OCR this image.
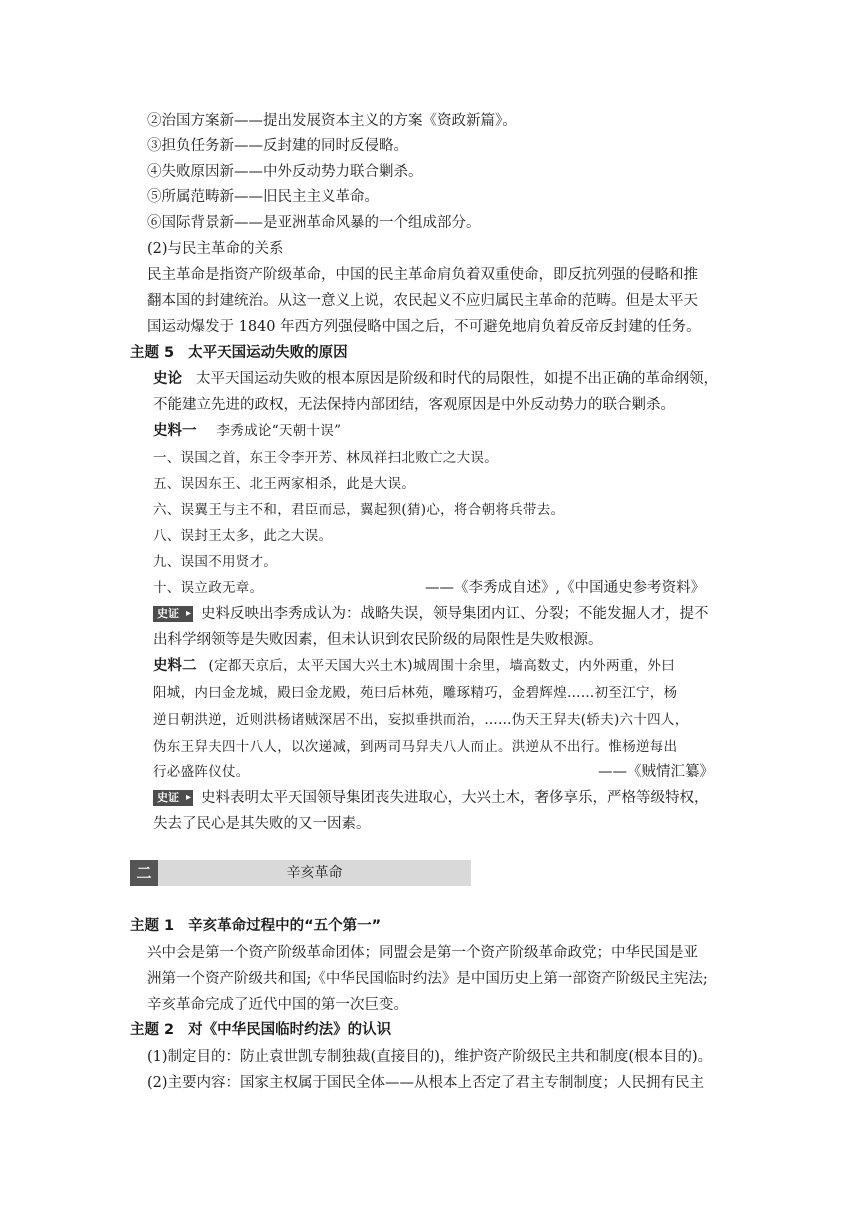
②治国方案新——提出发展资本主义的方案《资政新篇》。
③担负任务新——反封建的同时反侵略。
④失败原因新——中外反动势力联合剿杀。
⑤所属范畴新——旧民主主义革命。
⑥国际背景新——是亚洲革命风暴的一个组成部分。
(2)与民主革命的关系
民主革命是指资产阶级革命，中国的民主革命肩负着双重使命，即反抗列强的侵略和推
翻本国的封建统治。从这一意义上说，农民起义不应归属民主革命的范畴。但是太平天
国运动爆发于 1840 年西方列强侵略中国之后，不可避免地肩负着反帝反封建的任务。
主题 5 太平天国运动失败的原因
史论 太平天国运动失败的根本原因是阶级和时代的局限性，如提不出正确的革命纲领，
不能建立先进的政权，无法保持内部团结，客观原因是中外反动势力的联合剿杀。
史料一 李秀成论“天朝十误”
一、误国之首，东王令李开芳、林凤祥扫北败亡之大误。
五、误因东王、北王两家相杀，此是大误。
六、误翼王与主不和，君臣而忌，翼起狈(猜)心，将合朝将兵带去。
八、误封王太多，此之大误。
九、误国不用贤才。
十、误立政无章。	——《李秀成自述》,《中国通史参考资料》
史证 ▸ 史料反映出李秀成认为：战略失误，领导集团内讧、分裂；不能发掘人才，提不
出科学纲领等是失败因素，但未认识到农民阶级的局限性是失败根源。
史料二 (定都天京后，太平天国大兴土木)城周围十余里，墙高数丈，内外两重，外曰
阳城，内曰金龙城，殿曰金龙殿，苑曰后林苑，雕琢精巧，金碧辉煌……初至江宁，杨
逆日朝洪逆，近则洪杨诸贼深居不出，妄拟垂拱而治，……伪天王舁夫(轿夫)六十四人，
伪东王舁夫四十八人，以次递减，到两司马舁夫八人而止。洪逆从不出行。惟杨逆每出
行必盛阵仪仗。	——《贼情汇纂》
史证 ▸ 史料表明太平天国领导集团丧失进取心，大兴土木，奢侈享乐，严格等级特权，
失去了民心是其失败的又一因素。
二	辛亥革命
主题 1 辛亥革命过程中的“五个第一”
兴中会是第一个资产阶级革命团体；同盟会是第一个资产阶级革命政党；中华民国是亚
洲第一个资产阶级共和国;《中华民国临时约法》是中国历史上第一部资产阶级民主宪法;
辛亥革命完成了近代中国的第一次巨变。
主题 2 对《中华民国临时约法》的认识
(1)制定目的：防止袁世凯专制独裁(直接目的)，维护资产阶级民主共和制度(根本目的)。
(2)主要内容：国家主权属于国民全体——从根本上否定了君主专制制度；人民拥有民主
